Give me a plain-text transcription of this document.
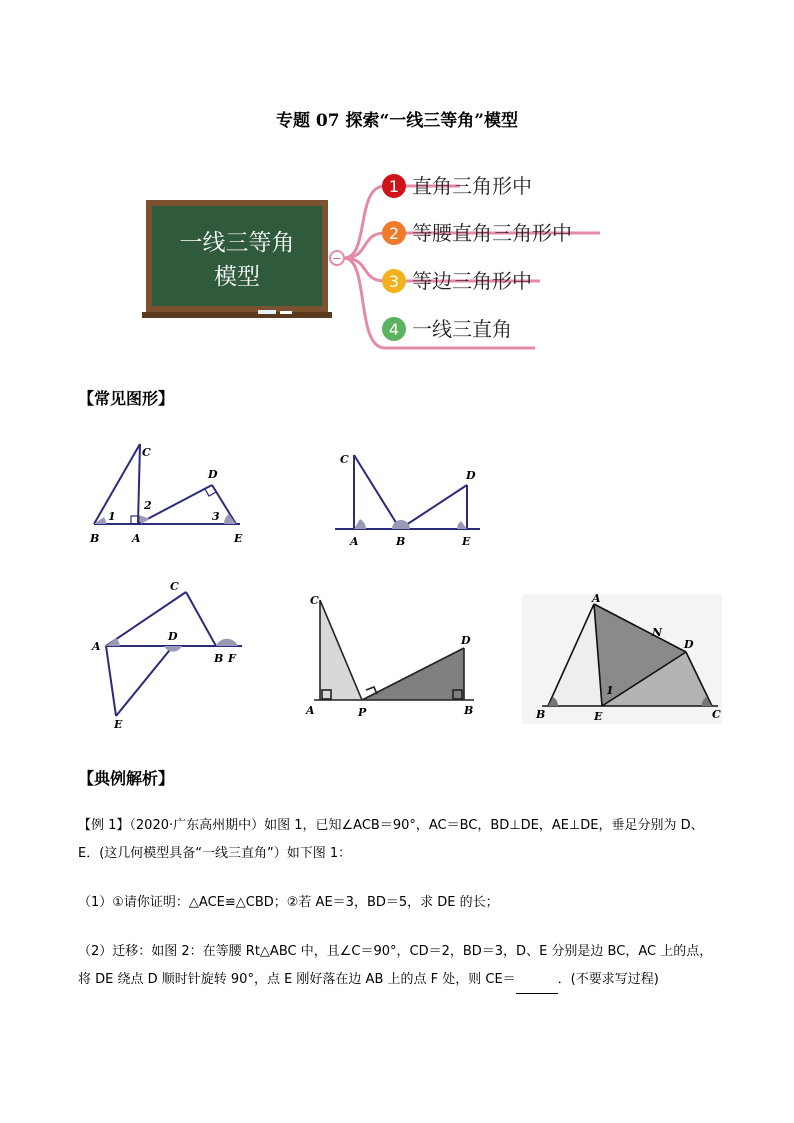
专题 07 探索“一线三等角”模型
一线三等角
模型
−
1 直角三角形中
2 等腰直角三角形中
3 等边三角形中
4 一线三直角
【常见图形】
B	A
C
D
E
1
2
3
C
A	B
D
E
A
C
D
B F
E
C
A	P	B
D
A
B	E	C
D
N
1
【典例解析】
【例 1】（2020·广东高州期中）如图 1，已知∠ACB＝90°，AC＝BC，BD⊥DE，AE⊥DE，垂足分别为 D、
E．(这几何模型具备“一线三直角”）如下图 1：
（1）①请你证明：△ACE≌△CBD；②若 AE＝3，BD＝5，求 DE 的长；
（2）迁移：如图 2：在等腰 Rt△ABC 中，且∠C＝90°，CD＝2，BD＝3，D、E 分别是边 BC，AC 上的点，
将 DE 绕点 D 顺时针旋转 90°，点 E 刚好落在边 AB 上的点 F 处，则 CE＝	．(不要求写过程)
